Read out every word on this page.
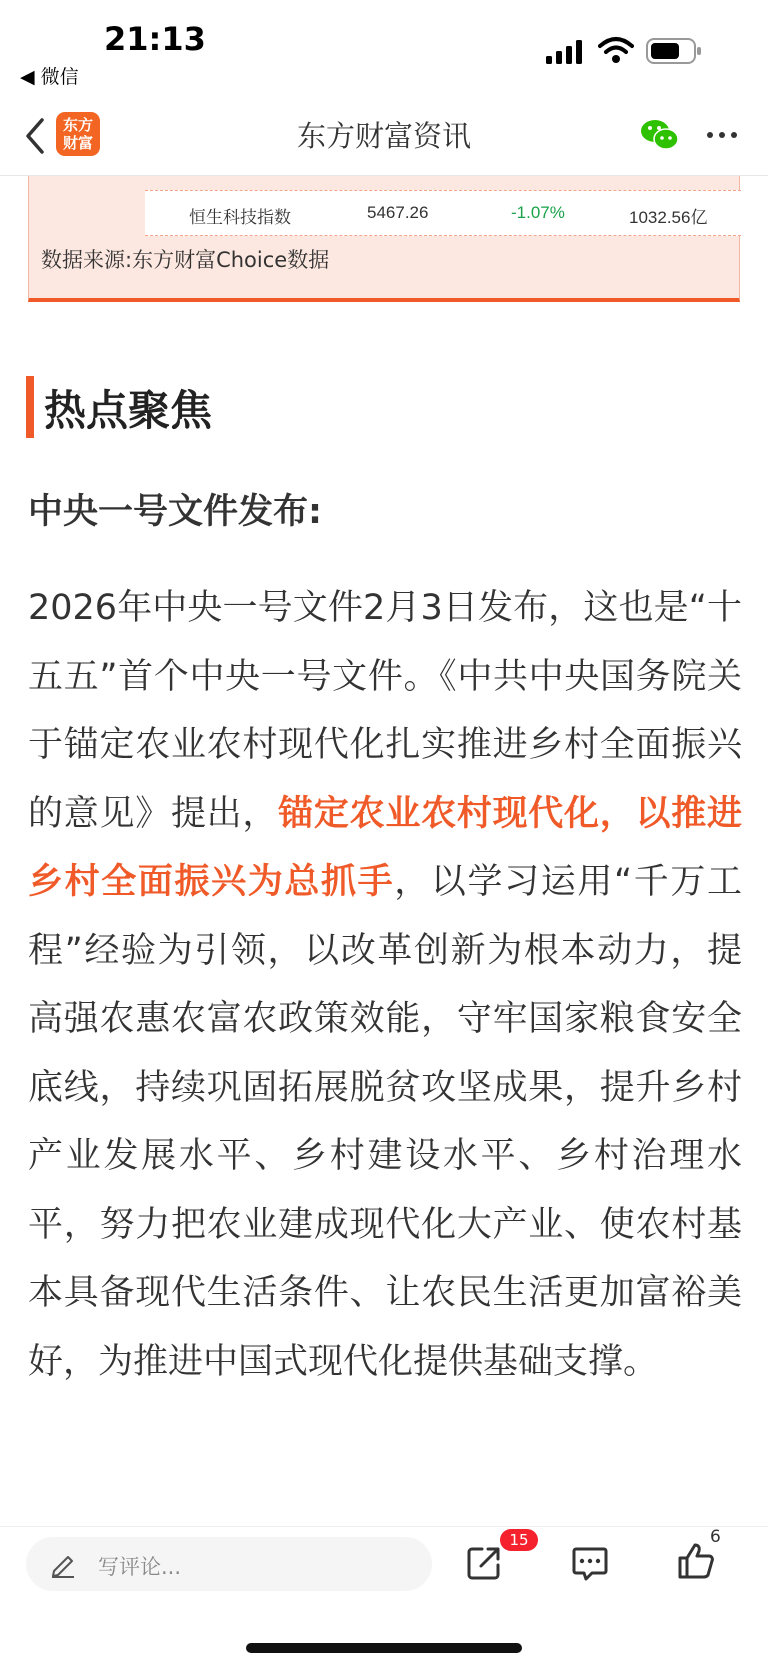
21:13
◀ 微信
东方财富	东方财富资讯
恒生科技指数	5467.26	-1.07%	1032.56亿
数据来源:东方财富Choice数据
热点聚焦
中央一号文件发布:
2026年中央一号文件2月3日发布，这也是“十五五”首个中央一号文件。《中共中央国务院关于锚定农业农村现代化扎实推进乡村全面振兴的意见》提出，锚定农业农村现代化，以推进乡村全面振兴为总抓手，以学习运用“千万工程”经验为引领，以改革创新为根本动力，提高强农惠农富农政策效能，守牢国家粮食安全底线，持续巩固拓展脱贫攻坚成果，提升乡村产业发展水平、乡村建设水平、乡村治理水平，努力把农业建成现代化大产业、使农村基本具备现代生活条件、让农民生活更加富裕美好，为推进中国式现代化提供基础支撑。
写评论...
15	6
